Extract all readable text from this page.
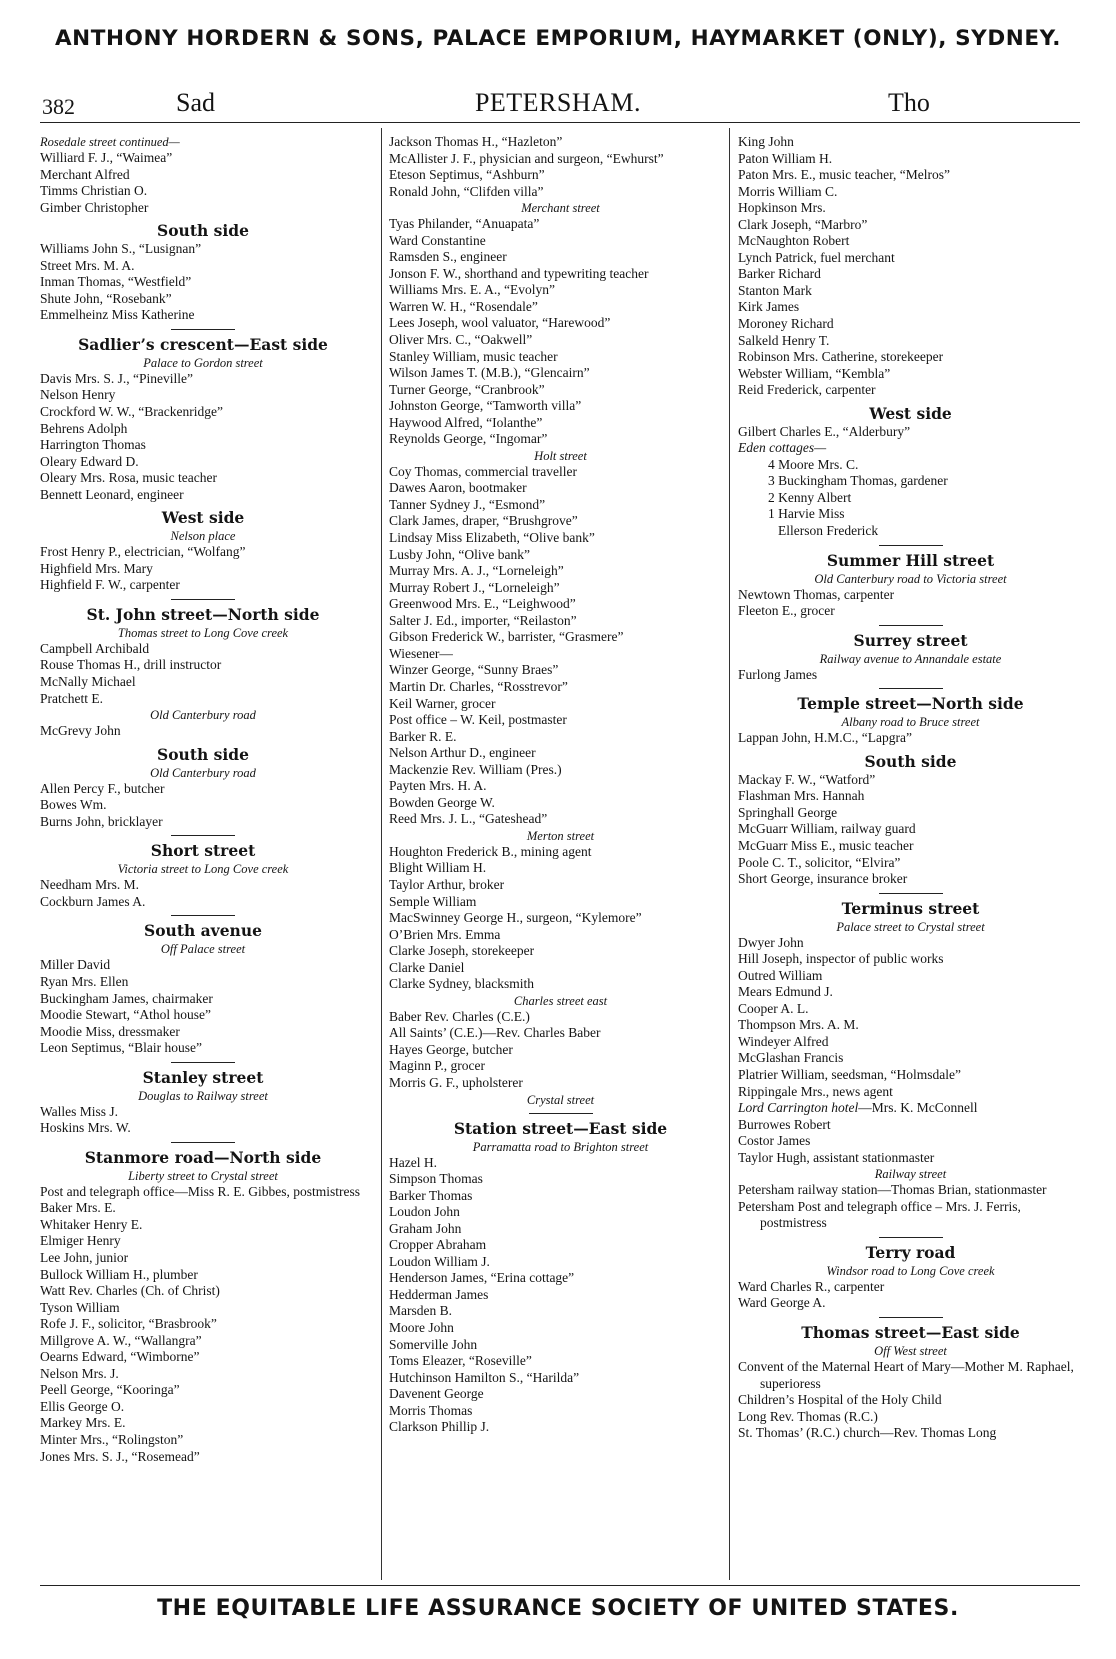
ANTHONY HORDERN & SONS, PALACE EMPORIUM, HAYMARKET (ONLY), SYDNEY.
382	Sad	PETERSHAM.	Tho
Rosedale street continued—
Williard F. J., “Waimea”
Merchant Alfred
Timms Christian O.
Gimber Christopher
South side
Williams John S., “Lusignan”
Street Mrs. M. A.
Inman Thomas, “Westfield”
Shute John, “Rosebank”
Emmelheinz Miss Katherine
Sadlier’s crescent—East side
Palace to Gordon street
Davis Mrs. S. J., “Pineville”
Nelson Henry
Crockford W. W., “Brackenridge”
Behrens Adolph
Harrington Thomas
Oleary Edward D.
Oleary Mrs. Rosa, music teacher
Bennett Leonard, engineer
West side
Nelson place
Frost Henry P., electrician, “Wolfang”
Highfield Mrs. Mary
Highfield F. W., carpenter
St. John street—North side
Thomas street to Long Cove creek
Campbell Archibald
Rouse Thomas H., drill instructor
McNally Michael
Pratchett E.
Old Canterbury road
McGrevy John
South side
Old Canterbury road
Allen Percy F., butcher
Bowes Wm.
Burns John, bricklayer
Short street
Victoria street to Long Cove creek
Needham Mrs. M.
Cockburn James A.
South avenue
Off Palace street
Miller David
Ryan Mrs. Ellen
Buckingham James, chairmaker
Moodie Stewart, “Athol house”
Moodie Miss, dressmaker
Leon Septimus, “Blair house”
Stanley street
Douglas to Railway street
Walles Miss J.
Hoskins Mrs. W.
Stanmore road—North side
Liberty street to Crystal street
Post and telegraph office—Miss R. E. Gibbes, postmistress
Baker Mrs. E.
Whitaker Henry E.
Elmiger Henry
Lee John, junior
Bullock William H., plumber
Watt Rev. Charles (Ch. of Christ)
Tyson William
Rofe J. F., solicitor, “Brasbrook”
Millgrove A. W., “Wallangra”
Oearns Edward, “Wimborne”
Nelson Mrs. J.
Peell George, “Kooringa”
Ellis George O.
Markey Mrs. E.
Minter Mrs., “Rolingston”
Jones Mrs. S. J., “Rosemead”
Jackson Thomas H., “Hazleton”
McAllister J. F., physician and surgeon, “Ewhurst”
Eteson Septimus, “Ashburn”
Ronald John, “Clifden villa”
Merchant street
Tyas Philander, “Anuapata”
Ward Constantine
Ramsden S., engineer
Jonson F. W., shorthand and typewriting teacher
Williams Mrs. E. A., “Evolyn”
Warren W. H., “Rosendale”
Lees Joseph, wool valuator, “Harewood”
Oliver Mrs. C., “Oakwell”
Stanley William, music teacher
Wilson James T. (M.B.), “Glencairn”
Turner George, “Cranbrook”
Johnston George, “Tamworth villa”
Haywood Alfred, “Iolanthe”
Reynolds George, “Ingomar”
Holt street
Coy Thomas, commercial traveller
Dawes Aaron, bootmaker
Tanner Sydney J., “Esmond”
Clark James, draper, “Brushgrove”
Lindsay Miss Elizabeth, “Olive bank”
Lusby John, “Olive bank”
Murray Mrs. A. J., “Lorneleigh”
Murray Robert J., “Lorneleigh”
Greenwood Mrs. E., “Leighwood”
Salter J. Ed., importer, “Reilaston”
Gibson Frederick W., barrister, “Grasmere”
Wiesener—
Winzer George, “Sunny Braes”
Martin Dr. Charles, “Rosstrevor”
Keil Warner, grocer
Post office – W. Keil, postmaster
Barker R. E.
Nelson Arthur D., engineer
Mackenzie Rev. William (Pres.)
Payten Mrs. H. A.
Bowden George W.
Reed Mrs. J. L., “Gateshead”
Merton street
Houghton Frederick B., mining agent
Blight William H.
Taylor Arthur, broker
Semple William
MacSwinney George H., surgeon, “Kylemore”
O’Brien Mrs. Emma
Clarke Joseph, storekeeper
Clarke Daniel
Clarke Sydney, blacksmith
Charles street east
Baber Rev. Charles (C.E.)
All Saints’ (C.E.)—Rev. Charles Baber
Hayes George, butcher
Maginn P., grocer
Morris G. F., upholsterer
Crystal street
Station street—East side
Parramatta road to Brighton street
Hazel H.
Simpson Thomas
Barker Thomas
Loudon John
Graham John
Cropper Abraham
Loudon William J.
Henderson James, “Erina cottage”
Hedderman James
Marsden B.
Moore John
Somerville John
Toms Eleazer, “Roseville”
Hutchinson Hamilton S., “Harilda”
Davenent George
Morris Thomas
Clarkson Phillip J.
King John
Paton William H.
Paton Mrs. E., music teacher, “Melros”
Morris William C.
Hopkinson Mrs.
Clark Joseph, “Marbro”
McNaughton Robert
Lynch Patrick, fuel merchant
Barker Richard
Stanton Mark
Kirk James
Moroney Richard
Salkeld Henry T.
Robinson Mrs. Catherine, storekeeper
Webster William, “Kembla”
Reid Frederick, carpenter
West side
Gilbert Charles E., “Alderbury”
Eden cottages—
4 Moore Mrs. C.
3 Buckingham Thomas, gardener
2 Kenny Albert
1 Harvie Miss
Ellerson Frederick
Summer Hill street
Old Canterbury road to Victoria street
Newtown Thomas, carpenter
Fleeton E., grocer
Surrey street
Railway avenue to Annandale estate
Furlong James
Temple street—North side
Albany road to Bruce street
Lappan John, H.M.C., “Lapgra”
South side
Mackay F. W., “Watford”
Flashman Mrs. Hannah
Springhall George
McGuarr William, railway guard
McGuarr Miss E., music teacher
Poole C. T., solicitor, “Elvira”
Short George, insurance broker
Terminus street
Palace street to Crystal street
Dwyer John
Hill Joseph, inspector of public works
Outred William
Mears Edmund J.
Cooper A. L.
Thompson Mrs. A. M.
Windeyer Alfred
McGlashan Francis
Platrier William, seedsman, “Holmsdale”
Rippingale Mrs., news agent
Lord Carrington hotel—Mrs. K. McConnell
Burrowes Robert
Costor James
Taylor Hugh, assistant stationmaster
Railway street
Petersham railway station—Thomas Brian, stationmaster
Petersham Post and telegraph office – Mrs. J. Ferris, postmistress
Terry road
Windsor road to Long Cove creek
Ward Charles R., carpenter
Ward George A.
Thomas street—East side
Off West street
Convent of the Maternal Heart of Mary—Mother M. Raphael, superioress
Children’s Hospital of the Holy Child
Long Rev. Thomas (R.C.)
St. Thomas’ (R.C.) church—Rev. Thomas Long
THE EQUITABLE LIFE ASSURANCE SOCIETY OF UNITED STATES.
